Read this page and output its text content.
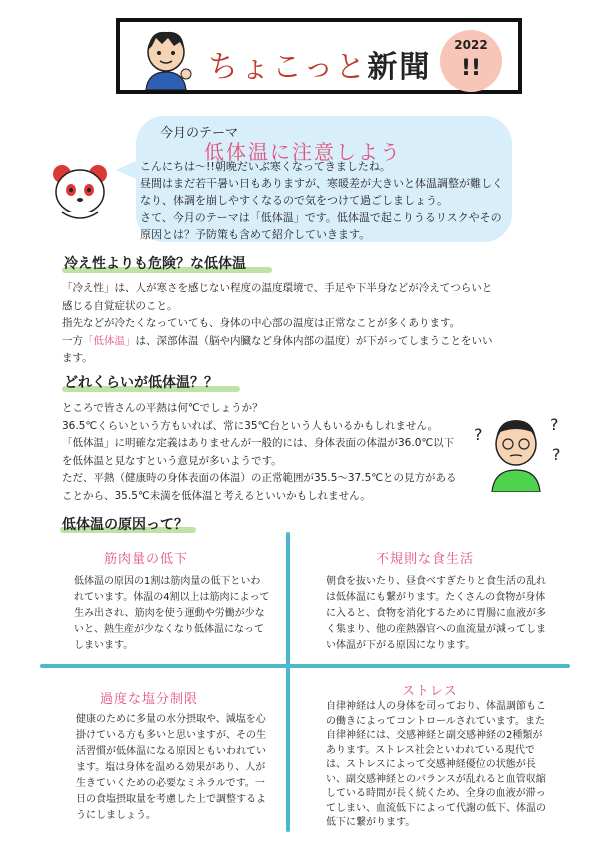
ちょこっと新聞
2022
!!
今月のテーマ
低体温に注意しよう
こんにちは～!!朝晩だいぶ寒くなってきましたね。
昼間はまだ若干暑い日もありますが、寒暖差が大きいと体温調整が難しくなり、体調を崩しやすくなるので気をつけて過ごしましょう。
さて、今月のテーマは「低体温」です。低体温で起こりうるリスクやその原因とは？予防策も含めて紹介していきます。
冷え性よりも危険？な低体温
「冷え性」は、人が寒さを感じない程度の温度環境で、手足や下半身などが冷えてつらいと感じる自覚症状のこと。
指先などが冷たくなっていても、身体の中心部の温度は正常なことが多くあります。
一方「低体温」は、深部体温（脳や内臓など身体内部の温度）が下がってしまうことをいいます。
どれくらいが低体温？？
ところで皆さんの平熱は何℃でしょうか？
36.5℃くらいという方もいれば、常に35℃台という人もいるかもしれません。
「低体温」に明確な定義はありませんが一般的には、身体表面の体温が36.0℃以下を低体温と見なすという意見が多いようです。
ただ、平熱（健康時の身体表面の体温）の正常範囲が35.5～37.5℃との見方があることから、35.5℃未満を低体温と考えるといいかもしれません。
?
?
?
低体温の原因って？
筋肉量の低下
低体温の原因の1割は筋肉量の低下といわれています。体温の4割以上は筋肉によって生み出され、筋肉を使う運動や労働が少ないと、熱生産が少なくなり低体温になってしまいます。
不規則な食生活
朝食を抜いたり、昼食べすぎたりと食生活の乱れは低体温にも繋がります。たくさんの食物が身体に入ると、食物を消化するために胃腸に血液が多く集まり、他の産熱器官への血流量が減ってしまい体温が下がる原因になります。
過度な塩分制限
健康のために多量の水分摂取や、減塩を心掛けている方も多いと思いますが、その生活習慣が低体温になる原因ともいわれています。塩は身体を温める効果があり、人が生きていくための必要なミネラルです。一日の食塩摂取量を考慮した上で調整するようにしましょう。
ストレス
自律神経は人の身体を司っており、体温調節もこの働きによってコントロールされています。また自律神経には、交感神経と副交感神経の2種類があります。ストレス社会といわれている現代では、ストレスによって交感神経優位の状態が長い、副交感神経とのバランスが乱れると血管収縮している時間が長く続くため、全身の血液が滞ってしまい、血流低下によって代謝の低下、体温の低下に繋がります。
